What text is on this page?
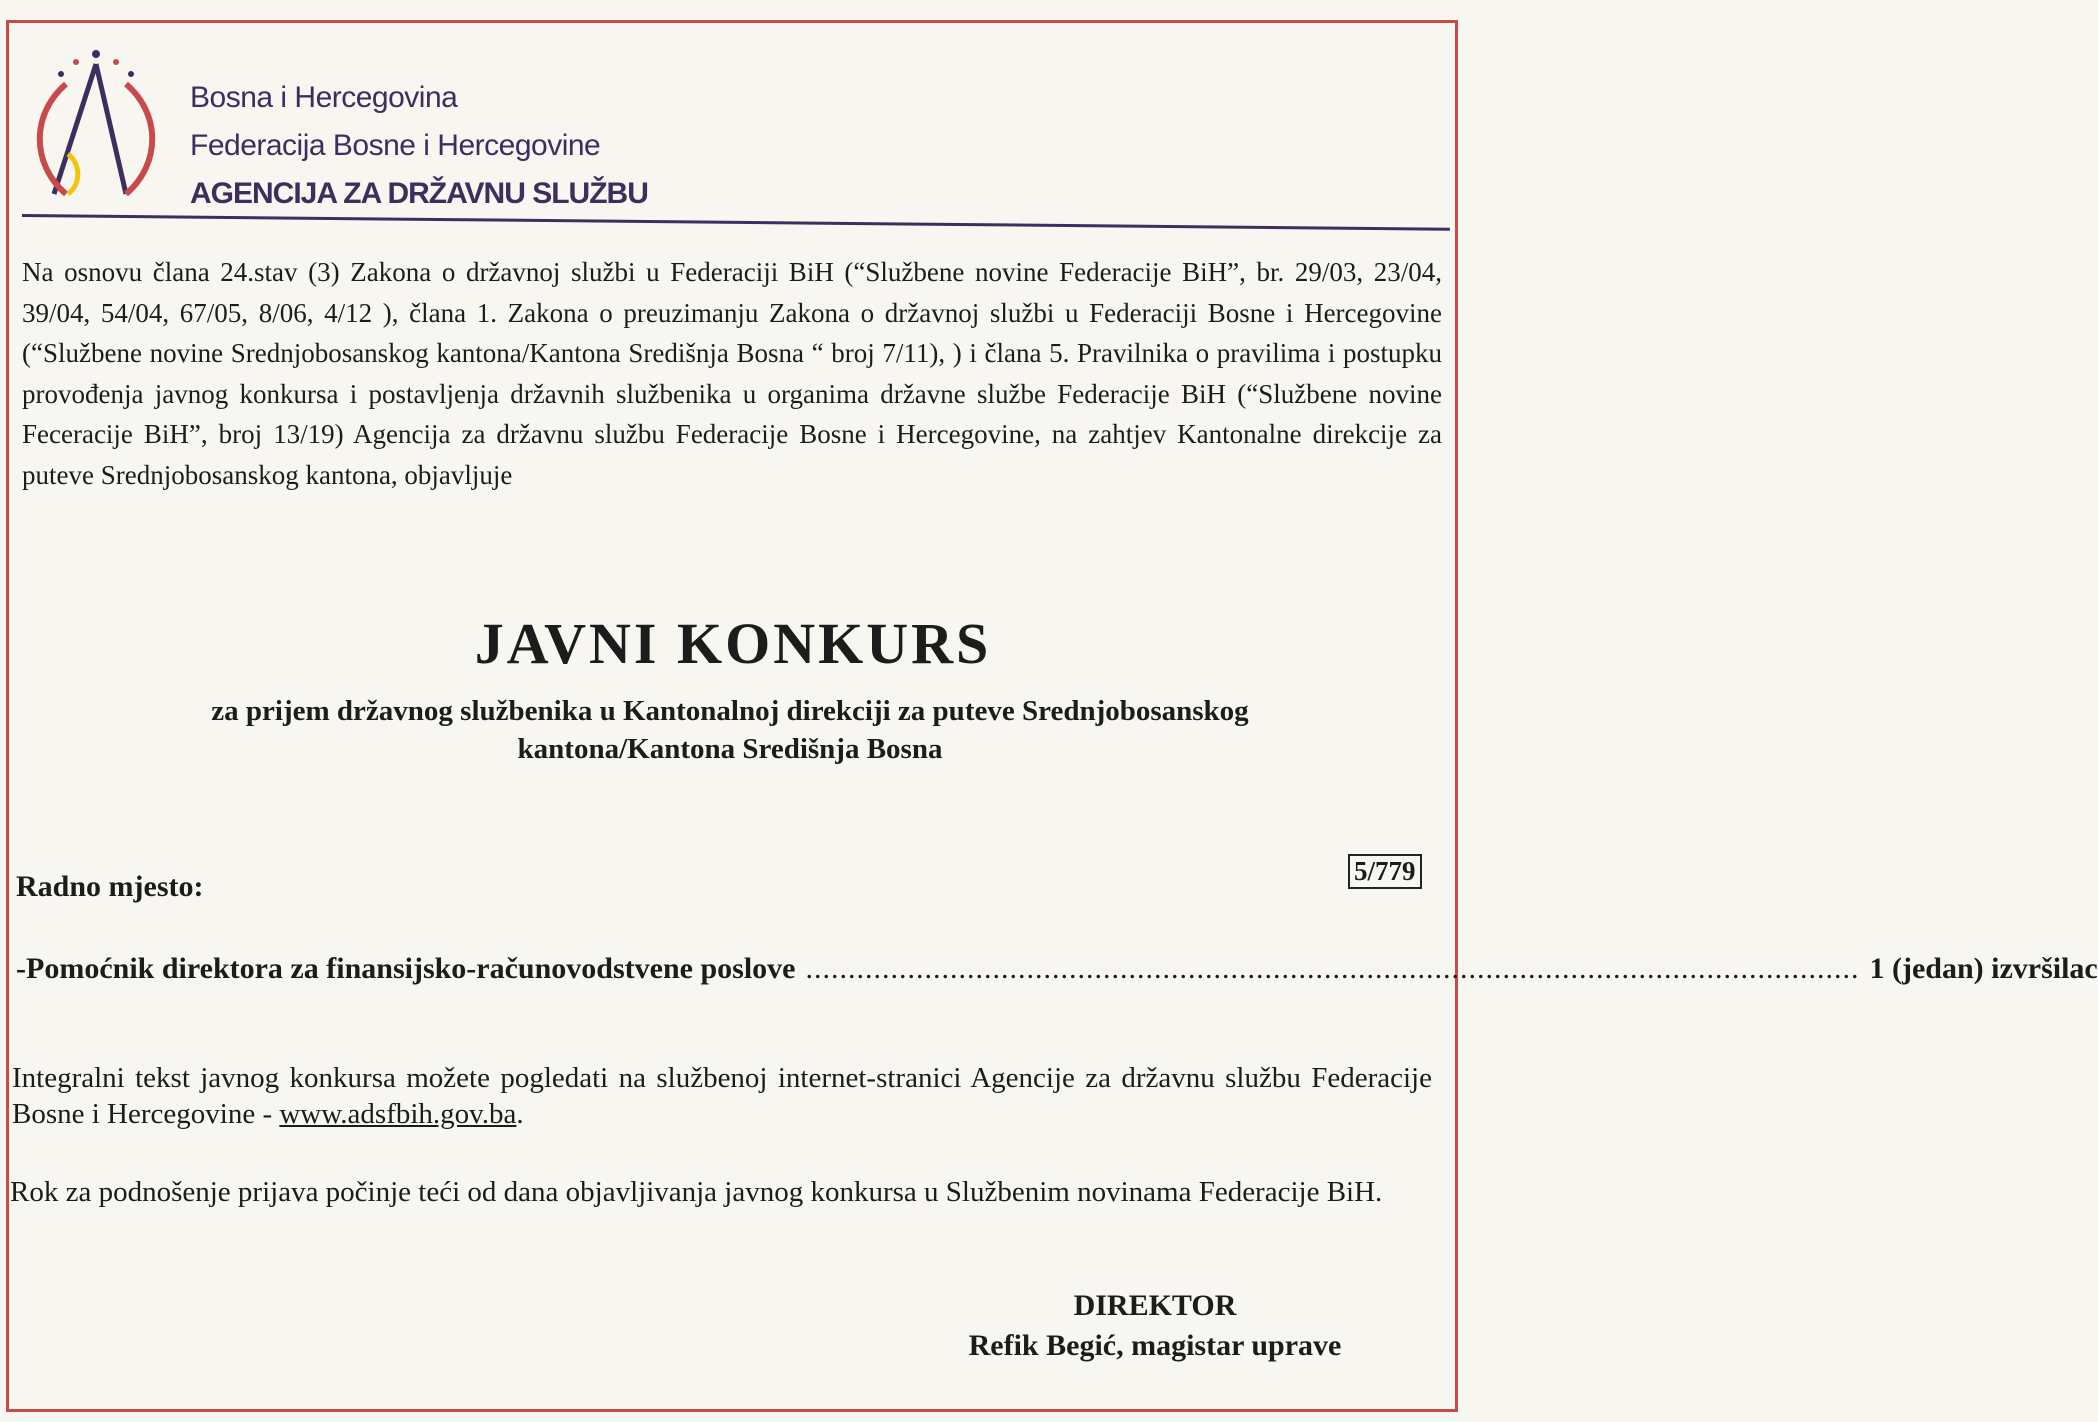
Bosna i Hercegovina
Federacija Bosne i Hercegovine
AGENCIJA ZA DRŽAVNU SLUŽBU
Na osnovu člana 24.stav (3) Zakona o državnoj službi u Federaciji BiH (“Službene novine Federacije BiH”, br. 29/03, 23/04, 39/04, 54/04, 67/05, 8/06, 4/12 ), člana 1. Zakona o preuzimanju Zakona o državnoj službi u Federaciji Bosne i Hercegovine (“Službene novine Srednjobosanskog kantona/Kantona Središnja Bosna “ broj 7/11), ) i člana 5. Pravilnika o pravilima i postupku provođenja javnog konkursa i postavljenja državnih službenika u organima državne službe Federacije BiH (“Službene novine Feceracije BiH”, broj 13/19) Agencija za državnu službu Federacije Bosne i Hercegovine, na zahtjev Kantonalne direkcije za puteve Srednjobosanskog kantona, objavljuje
JAVNI KONKURS
za prijem državnog službenika u Kantonalnoj direkciji za puteve Srednjobosanskog kantona/Kantona Središnja Bosna
5/779
Radno mjesto:
- Pomoćnik direktora za finansijsko-računovodstvene poslove ............................................................................................................................ 1 (jedan) izvršilac
Integralni tekst javnog konkursa možete pogledati na službenoj internet-stranici Agencije za državnu službu Federacije Bosne i Hercegovine - www.adsfbih.gov.ba.
Rok za podnošenje prijava počinje teći od dana objavljivanja javnog konkursa u Službenim novinama Federacije BiH.
DIREKTOR
Refik Begić, magistar uprave
